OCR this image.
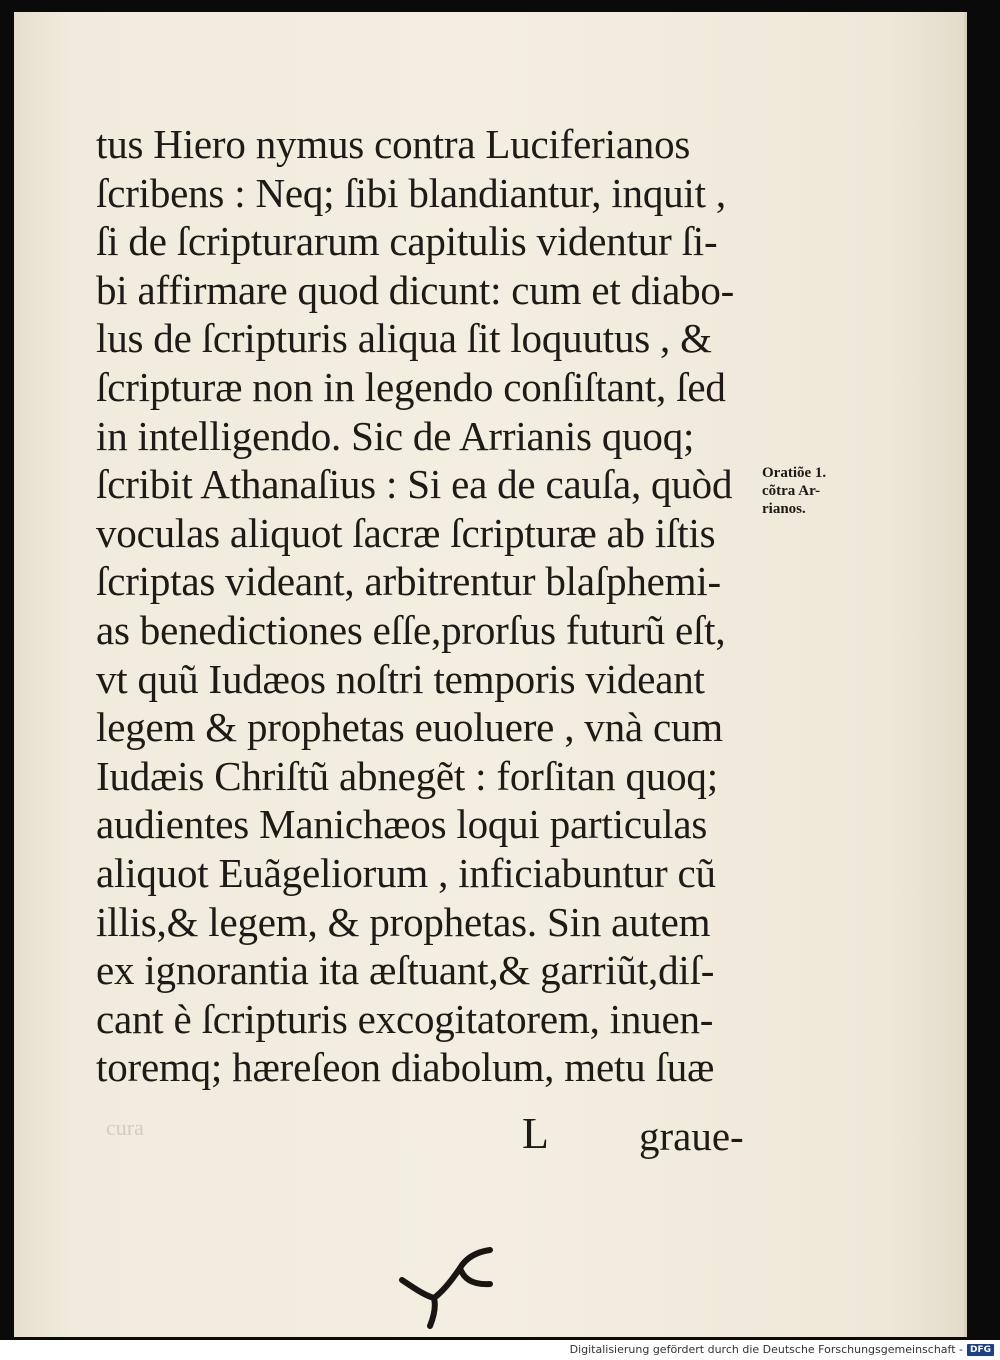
tus Hiero nymus contra Luciferianos
ſcribens : Neq; ſibi blandiantur, inquit ,
ſi de ſcripturarum capitulis videntur ſi-
bi affirmare quod dicunt: cum et diabo-
lus de ſcripturis aliqua ſit loquutus , &
ſcripturæ non in legendo conſiſtant, ſed
in intelligendo. Sic de Arrianis quoq;
ſcribit Athanaſius : Si ea de cauſa, quòd
voculas aliquot ſacræ ſcripturæ ab iſtis
ſcriptas videant, arbitrentur blaſphemi-
as benedictiones eſſe,prorſus futurũ eſt,
vt quũ Iudæos noſtri temporis videant
legem & prophetas euoluere , vnà cum
Iudæis Chriſtũ abnegẽt : forſitan quoq;
audientes Manichæos loqui particulas
aliquot Euãgeliorum , inficiabuntur cũ
illis,& legem, & prophetas. Sin autem
ex ignorantia ita æſtuant,& garriũt,diſ-
cant è ſcripturis excogitatorem, inuen-
toremq; hæreſeon diabolum, metu ſuæ
Oratiõe 1.
cõtra Ar-
rianos.
cura	L graue-
Digitalisierung gefördert durch die Deutsche Forschungsgemeinschaft - DFG
